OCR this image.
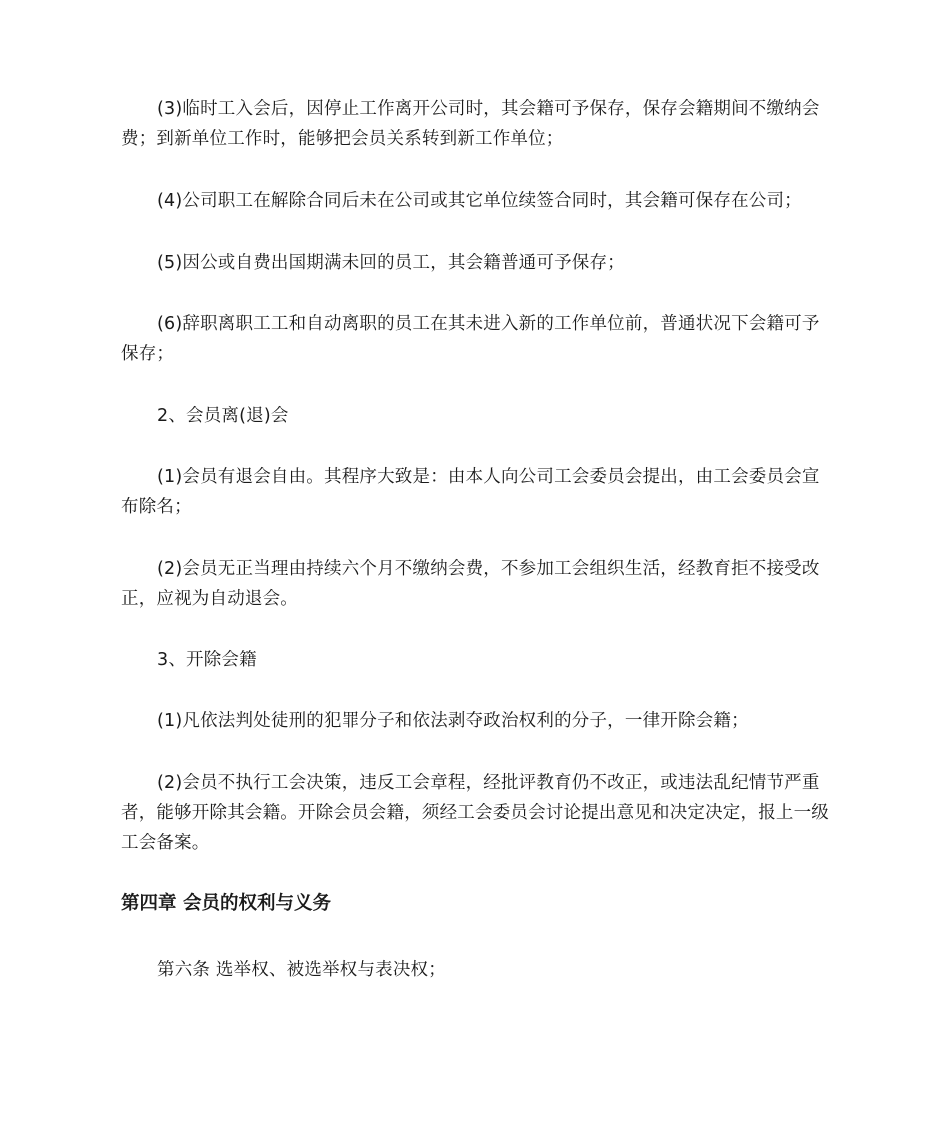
(3)临时工入会后，因停止工作离开公司时，其会籍可予保存，保存会籍期间不缴纳会费；到新单位工作时，能够把会员关系转到新工作单位；

(4)公司职工在解除合同后未在公司或其它单位续签合同时，其会籍可保存在公司；

(5)因公或自费出国期满未回的员工，其会籍普通可予保存；

(6)辞职离职工工和自动离职的员工在其未进入新的工作单位前，普通状况下会籍可予保存；

2、会员离(退)会

(1)会员有退会自由。其程序大致是：由本人向公司工会委员会提出，由工会委员会宣布除名；

(2)会员无正当理由持续六个月不缴纳会费，不参加工会组织生活，经教育拒不接受改正，应视为自动退会。

3、开除会籍

(1)凡依法判处徒刑的犯罪分子和依法剥夺政治权利的分子，一律开除会籍；

(2)会员不执行工会决策，违反工会章程，经批评教育仍不改正，或违法乱纪情节严重者，能够开除其会籍。开除会员会籍，须经工会委员会讨论提出意见和决定决定，报上一级工会备案。

第四章 会员的权利与义务

第六条 选举权、被选举权与表决权；
